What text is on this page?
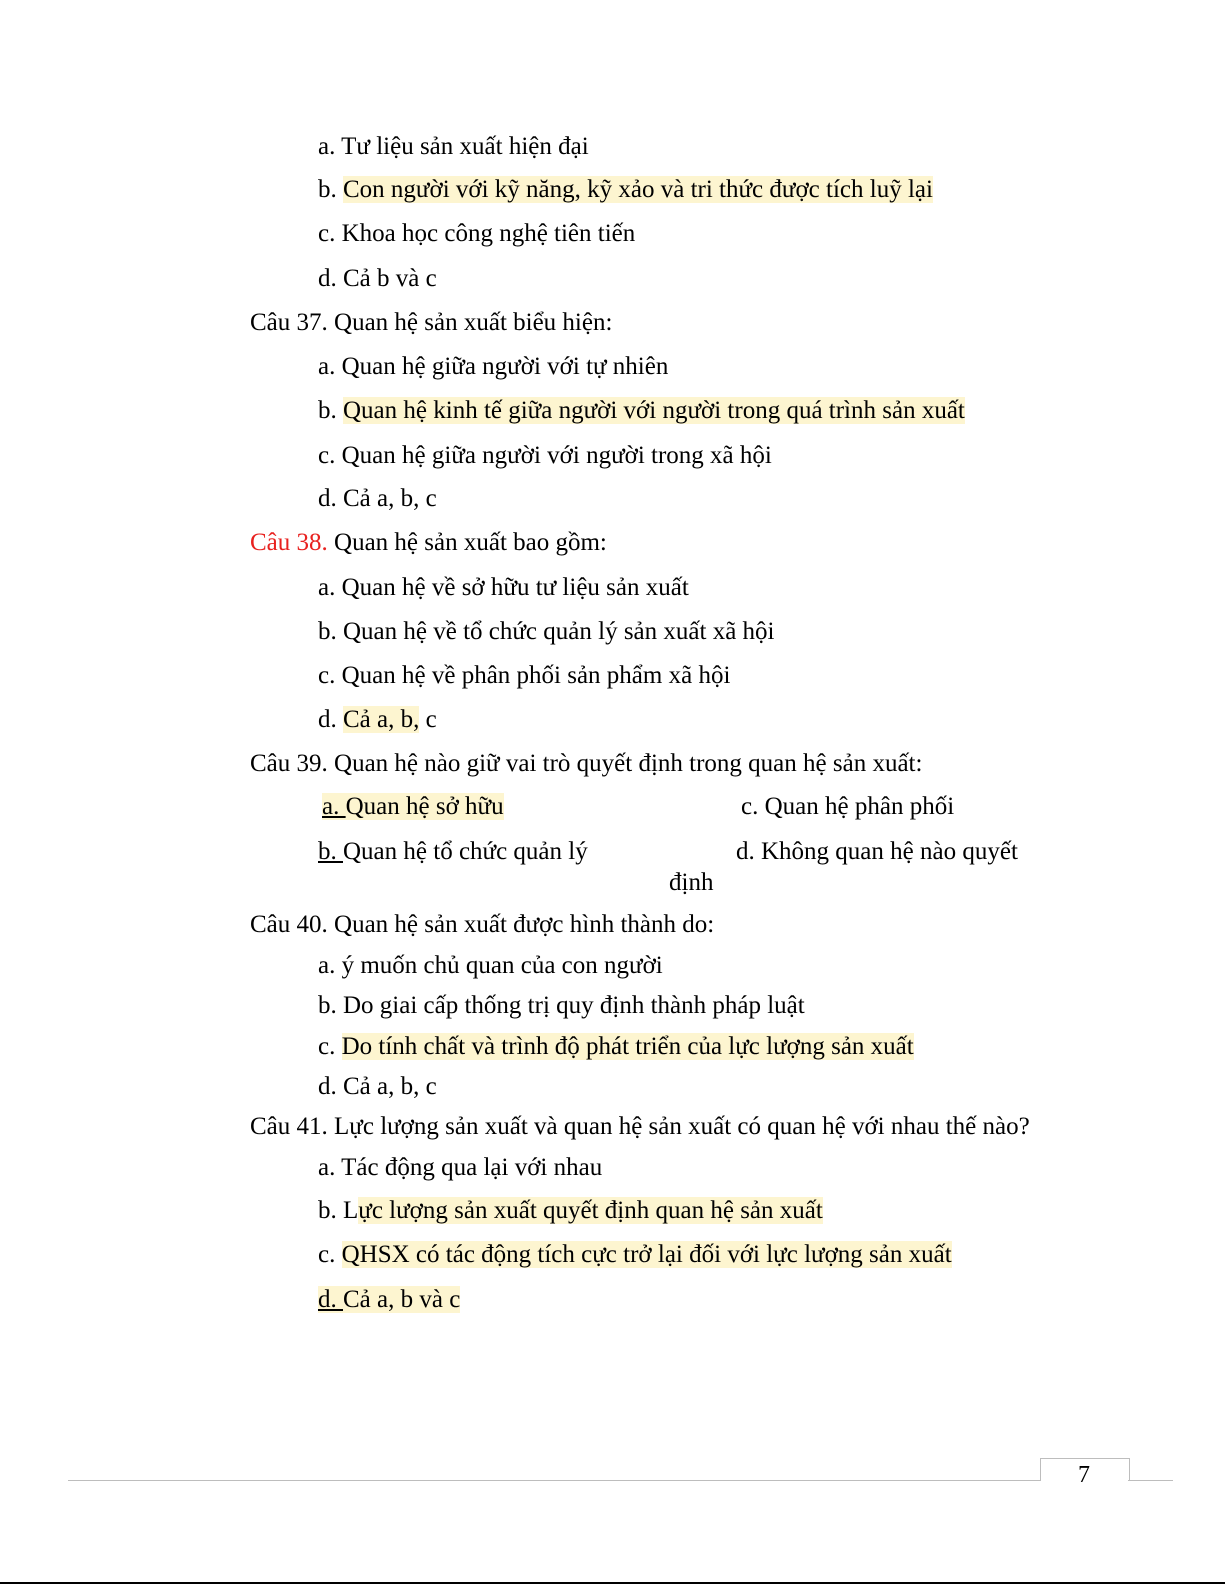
a. Tư liệu sản xuất hiện đại
b. Con người với kỹ năng, kỹ xảo và tri thức được tích luỹ lại
c. Khoa học công nghệ tiên tiến
d. Cả b và c
Câu 37. Quan hệ sản xuất biểu hiện:
a. Quan hệ giữa người với tự nhiên
b. Quan hệ kinh tế giữa người với người trong quá trình sản xuất
c. Quan hệ giữa người với người trong xã hội
d. Cả a, b, c
Câu 38. Quan hệ sản xuất bao gồm:
a. Quan hệ về sở hữu tư liệu sản xuất
b. Quan hệ về tổ chức quản lý sản xuất xã hội
c. Quan hệ về phân phối sản phẩm xã hội
d. Cả a, b, c
Câu 39. Quan hệ nào giữ vai trò quyết định trong quan hệ sản xuất:
a. Quan hệ sở hữu	c. Quan hệ phân phối
b. Quan hệ tổ chức quản lý	d. Không quan hệ nào quyết
định
Câu 40. Quan hệ sản xuất được hình thành do:
a. ý muốn chủ quan của con người
b. Do giai cấp thống trị quy định thành pháp luật
c. Do tính chất và trình độ phát triển của lực lượng sản xuất
d. Cả a, b, c
Câu 41. Lực lượng sản xuất và quan hệ sản xuất có quan hệ với nhau thế nào?
a. Tác động qua lại với nhau
b. Lực lượng sản xuất quyết định quan hệ sản xuất
c. QHSX có tác động tích cực trở lại đối với lực lượng sản xuất
d. Cả a, b và c
7
